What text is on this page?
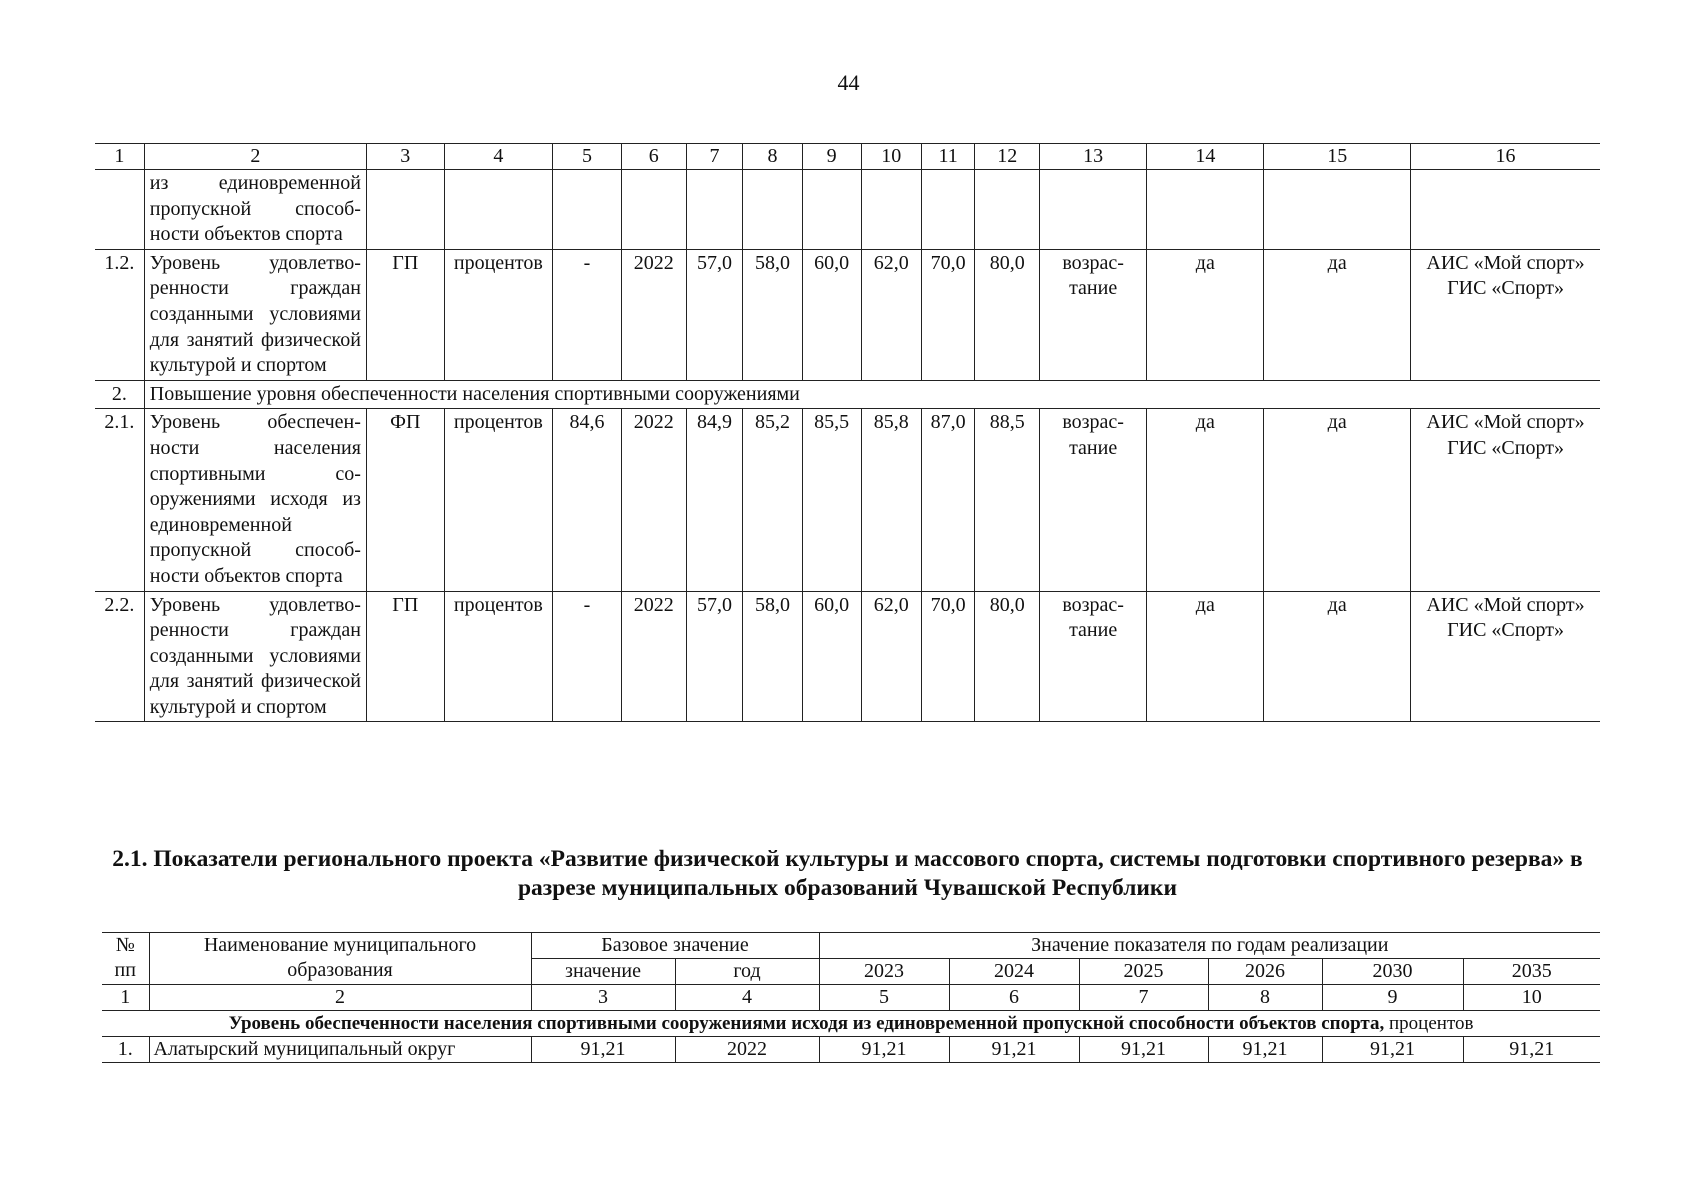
44
1	2	3	4	5	6	7	8	9	10	11	12	13	14	15	16
	из единовременной пропускной способности объектов спорта														
1.2.	Уровень удовлетворенности граждан созданными условиями для занятий физической культурой и спортом	ГП	процентов	-	2022	57,0	58,0	60,0	62,0	70,0	80,0	возрастание	да	да	АИС «Мой спорт» ГИС «Спорт»
2.	Повышение уровня обеспеченности населения спортивными сооружениями														
2.1.	Уровень обеспеченности населения спортивными сооружениями исходя из единовременной пропускной способности объектов спорта	ФП	процентов	84,6	2022	84,9	85,2	85,5	85,8	87,0	88,5	возрастание	да	да	АИС «Мой спорт» ГИС «Спорт»
2.2.	Уровень удовлетворенности граждан созданными условиями для занятий физической культурой и спортом	ГП	процентов	-	2022	57,0	58,0	60,0	62,0	70,0	80,0	возрастание	да	да	АИС «Мой спорт» ГИС «Спорт»
2.1. Показатели регионального проекта «Развитие физической культуры и массового спорта, системы подготовки спортивного резерва» в разрезе муниципальных образований Чувашской Республики
№ пп	Наименование муниципального образования	Базовое значение		Значение показателя по годам реализации					
		значение	год	2023	2024	2025	2026	2030	2035
1	2	3	4	5	6	7	8	9	10
Уровень обеспеченности населения спортивными сооружениями исходя из единовременной пропускной способности объектов спорта, процентов									
1.	Алатырский муниципальный округ	91,21	2022	91,21	91,21	91,21	91,21	91,21	91,21
